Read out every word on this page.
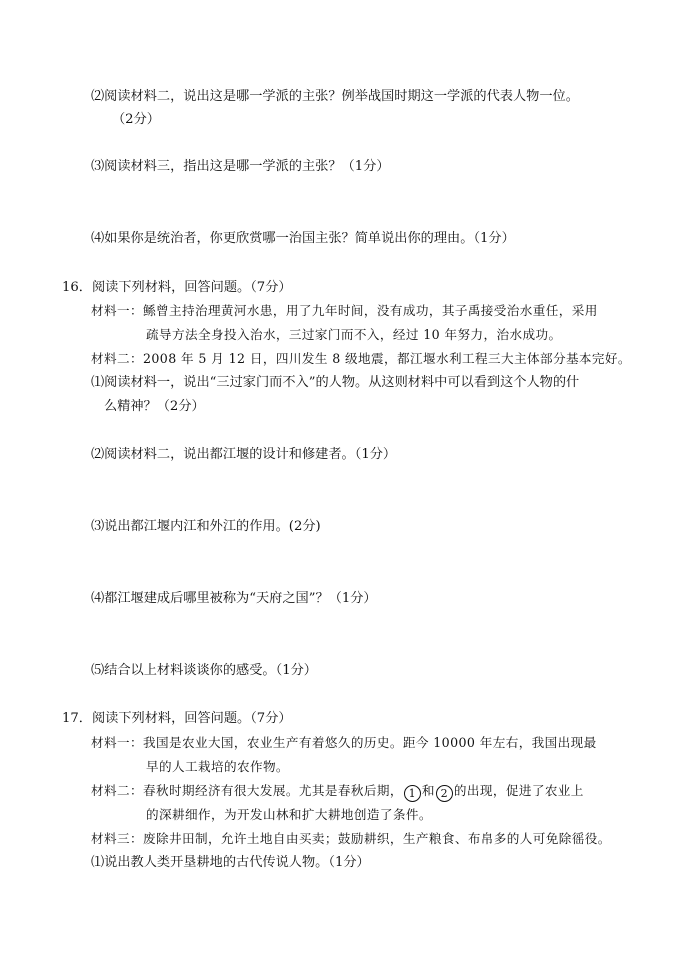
⑵阅读材料二，说出这是哪一学派的主张？例举战国时期这一学派的代表人物一位。
（2分）
⑶阅读材料三，指出这是哪一学派的主张？（1分）
⑷如果你是统治者，你更欣赏哪一治国主张？简单说出你的理由。（1分）
16．阅读下列材料，回答问题。（7分）
材料一：鲧曾主持治理黄河水患，用了九年时间，没有成功，其子禹接受治水重任，采用
疏导方法全身投入治水，三过家门而不入，经过 10 年努力，治水成功。
材料二：2008 年 5 月 12 日，四川发生 8 级地震，都江堰水利工程三大主体部分基本完好。
⑴阅读材料一，说出“三过家门而不入”的人物。从这则材料中可以看到这个人物的什
么精神？（2分）
⑵阅读材料二，说出都江堰的设计和修建者。（1分）
⑶说出都江堰内江和外江的作用。(2分)
⑷都江堰建成后哪里被称为“天府之国”？（1分）
⑸结合以上材料谈谈你的感受。（1分）
17．阅读下列材料，回答问题。（7分）
材料一：我国是农业大国，农业生产有着悠久的历史。距今 10000 年左右，我国出现最
早的人工栽培的农作物。
材料二：春秋时期经济有很大发展。尤其是春秋后期， 1 和 2 的出现，促进了农业上
的深耕细作，为开发山林和扩大耕地创造了条件。
材料三：废除井田制，允许土地自由买卖；鼓励耕织，生产粮食、布帛多的人可免除徭役。
⑴说出教人类开垦耕地的古代传说人物。（1分）
